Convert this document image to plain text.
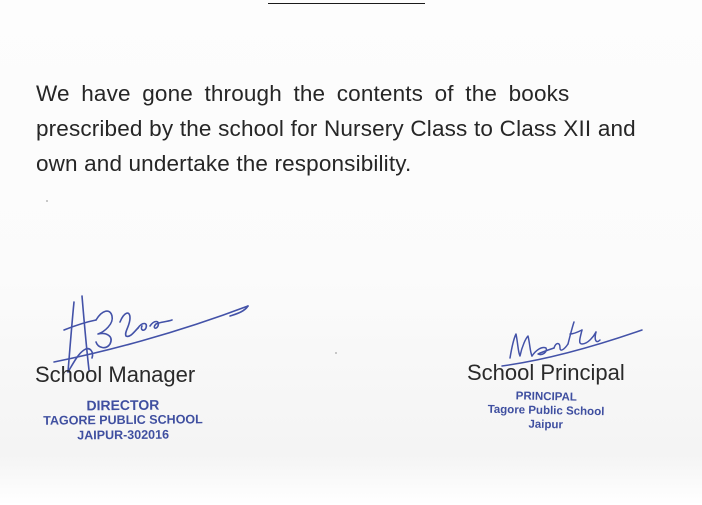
We have gone through the contents of the books
prescribed by the school for Nursery Class to Class XII and
own and undertake the responsibility.

School Manager
DIRECTOR
TAGORE PUBLIC SCHOOL
JAIPUR-302016
School Principal
PRINCIPAL
Tagore Public School
Jaipur
